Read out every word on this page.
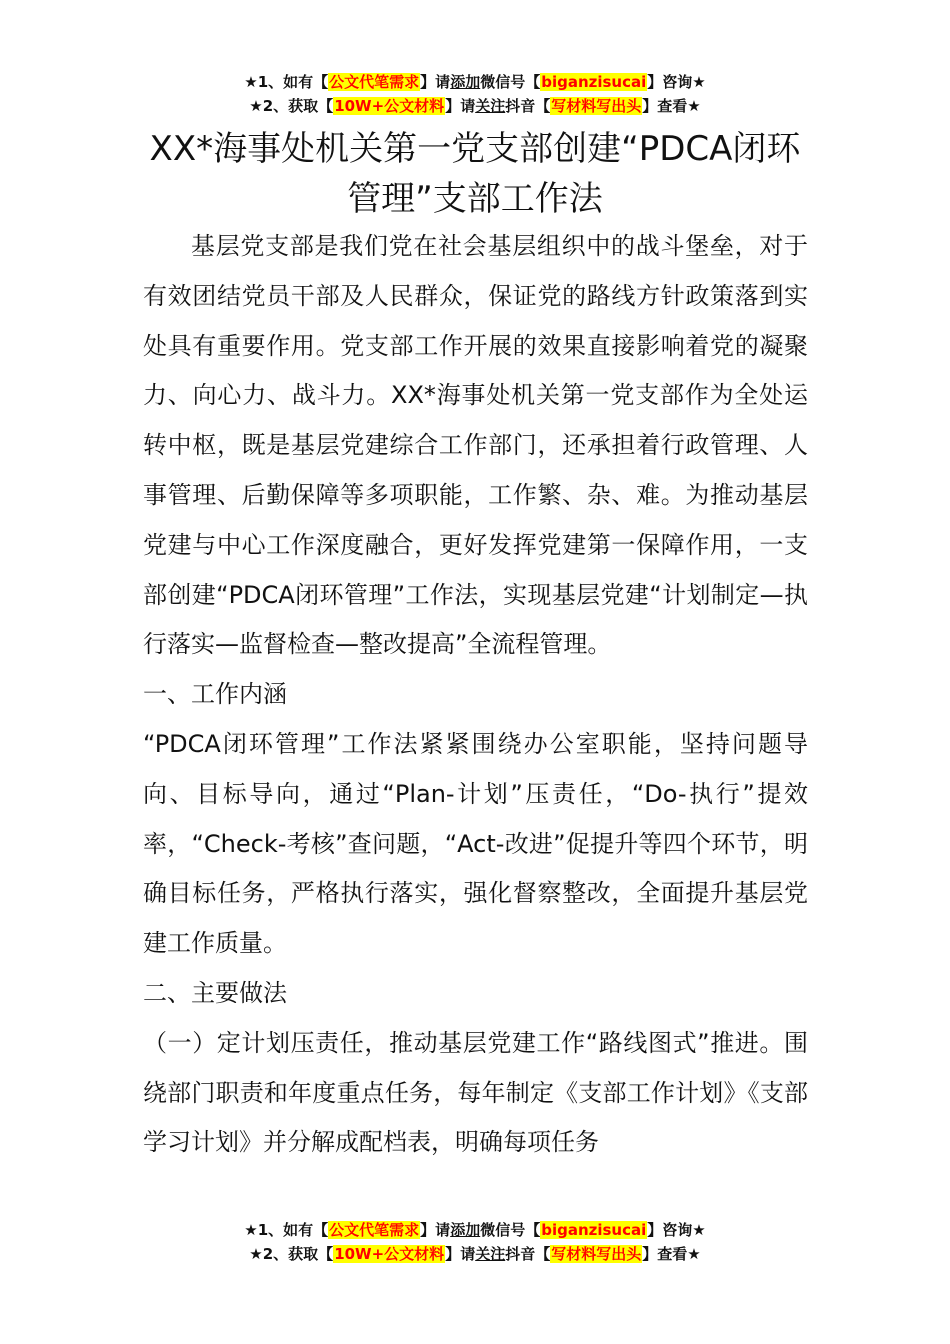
★1、如有【公文代笔需求】请添加微信号【biganzisucai】咨询★
★2、获取【10W+公文材料】请关注抖音【写材料写出头】查看★
XX*海事处机关第一党支部创建“PDCA闭环管理”支部工作法

基层党支部是我们党在社会基层组织中的战斗堡垒，对于有效团结党员干部及人民群众，保证党的路线方针政策落到实处具有重要作用。党支部工作开展的效果直接影响着党的凝聚力、向心力、战斗力。XX*海事处机关第一党支部作为全处运转中枢，既是基层党建综合工作部门，还承担着行政管理、人事管理、后勤保障等多项职能，工作繁、杂、难。为推动基层党建与中心工作深度融合，更好发挥党建第一保障作用，一支部创建“PDCA闭环管理”工作法，实现基层党建“计划制定—执行落实—监督检查—整改提高”全流程管理。

一、工作内涵

“PDCA闭环管理”工作法紧紧围绕办公室职能，坚持问题导向、目标导向，通过“Plan-计划”压责任，“Do-执行”提效率，“Check-考核”查问题，“Act-改进”促提升等四个环节，明确目标任务，严格执行落实，强化督察整改，全面提升基层党建工作质量。

二、主要做法

（一）定计划压责任，推动基层党建工作“路线图式”推进。围绕部门职责和年度重点任务，每年制定《支部工作计划》《支部学习计划》并分解成配档表，明确每项任务

★1、如有【公文代笔需求】请添加微信号【biganzisucai】咨询★
★2、获取【10W+公文材料】请关注抖音【写材料写出头】查看★
